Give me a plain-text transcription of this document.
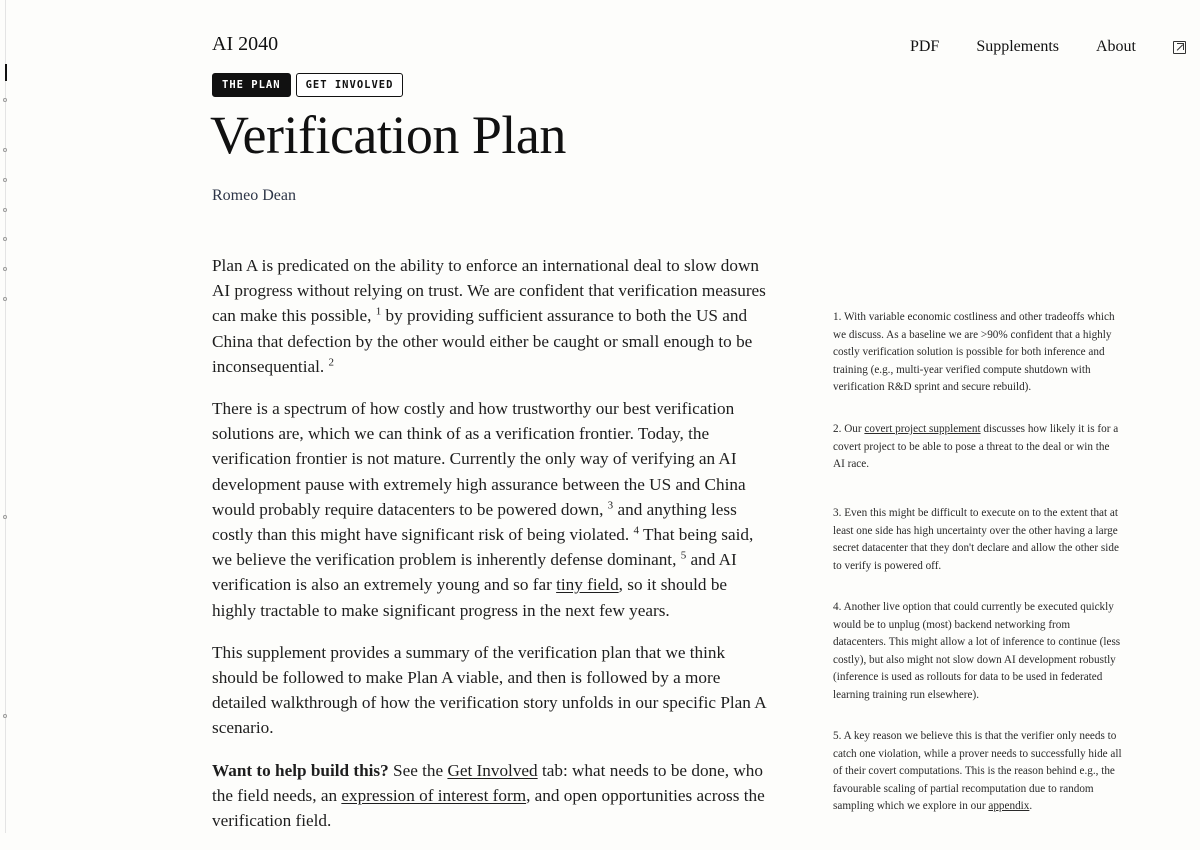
AI 2040	PDF Supplements About
THE PLAN	GET INVOLVED
Verification Plan
Romeo Dean

Plan A is predicated on the ability to enforce an international deal to slow down AI progress without relying on trust. We are confident that verification measures can make this possible, $^1$ by providing sufficient assurance to both the US and China that defection by the other would either be caught or small enough to be inconsequential. $^2$

There is a spectrum of how costly and how trustworthy our best verification solutions are, which we can think of as a verification frontier. Today, the verification frontier is not mature. Currently the only way of verifying an AI development pause with extremely high assurance between the US and China would probably require datacenters to be powered down, $^3$ and anything less costly than this might have significant risk of being violated. $^4$ That being said, we believe the verification problem is inherently defense dominant, $^5$ and AI verification is also an extremely young and so far tiny field, so it should be highly tractable to make significant progress in the next few years.

This supplement provides a summary of the verification plan that we think should be followed to make Plan A viable, and then is followed by a more detailed walkthrough of how the verification story unfolds in our specific Plan A scenario.

Want to help build this? See the Get Involved tab: what needs to be done, who the field needs, an expression of interest form, and open opportunities across the verification field.

1. With variable economic costliness and other tradeoffs which we discuss. As a baseline we are >90% confident that a highly costly verification solution is possible for both inference and training (e.g., multi-year verified compute shutdown with verification R&D sprint and secure rebuild).
2. Our covert project supplement discusses how likely it is for a covert project to be able to pose a threat to the deal or win the AI race.
3. Even this might be difficult to execute on to the extent that at least one side has high uncertainty over the other having a large secret datacenter that they don't declare and allow the other side to verify is powered off.
4. Another live option that could currently be executed quickly would be to unplug (most) backend networking from datacenters. This might allow a lot of inference to continue (less costly), but also might not slow down AI development robustly (inference is used as rollouts for data to be used in federated learning training run elsewhere).
5. A key reason we believe this is that the verifier only needs to catch one violation, while a prover needs to successfully hide all of their covert computations. This is the reason behind e.g., the favourable scaling of partial recomputation due to random sampling which we explore in our appendix.
